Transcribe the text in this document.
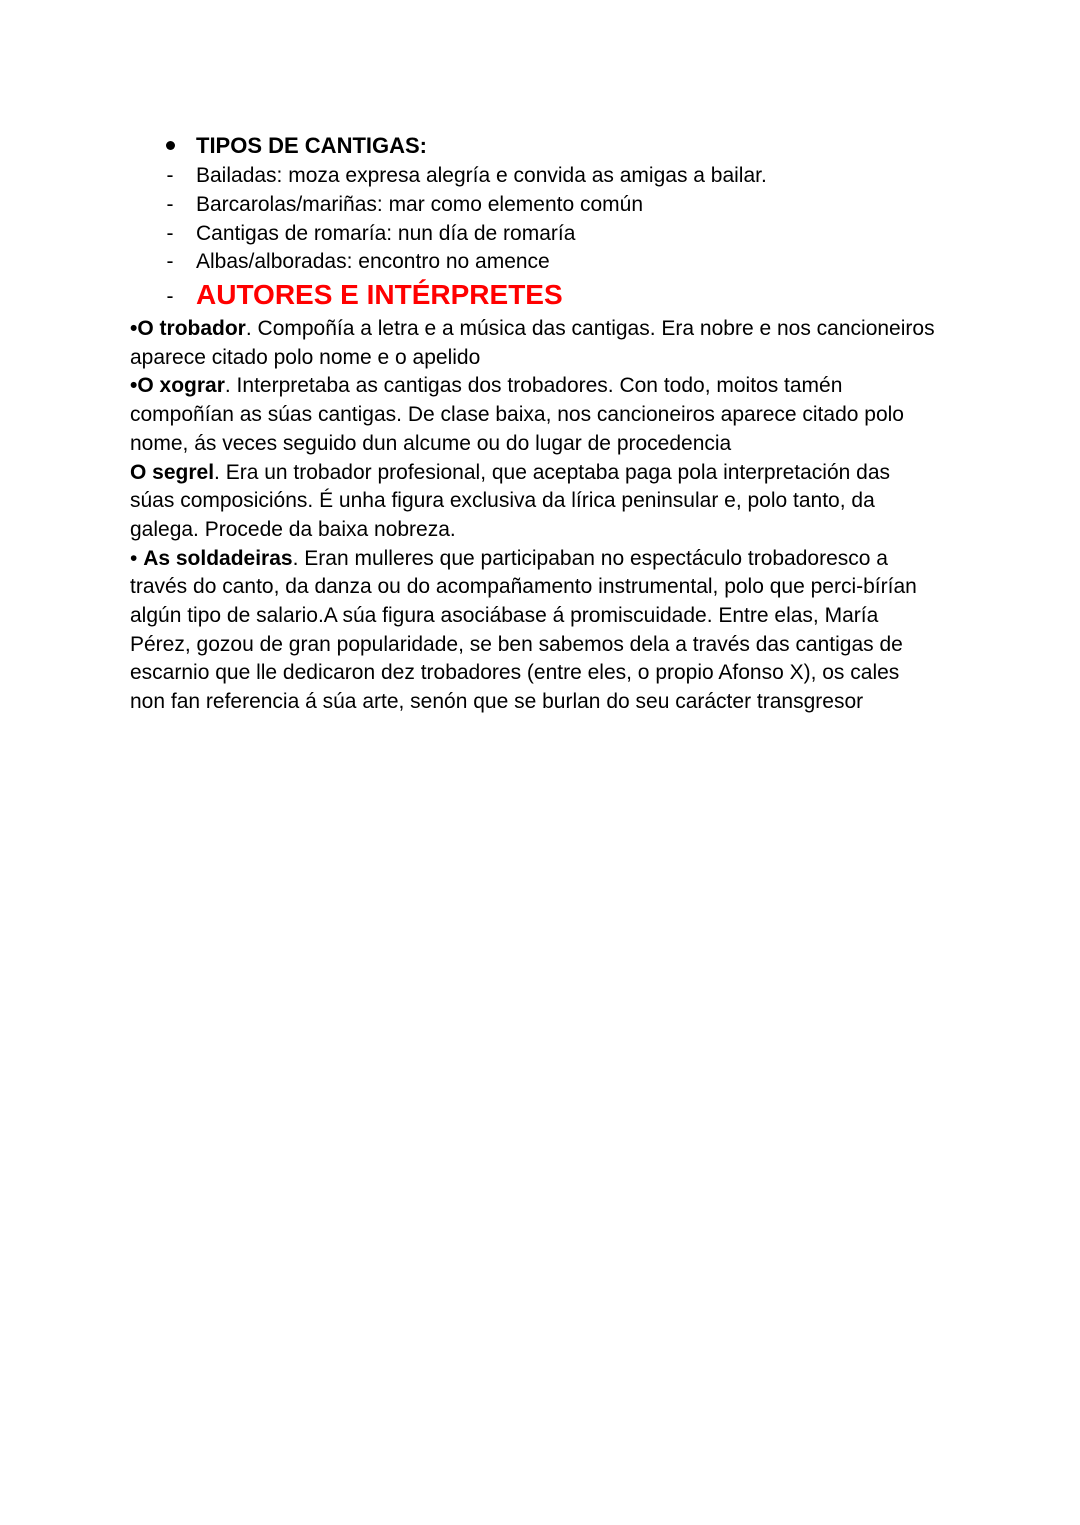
TIPOS DE CANTIGAS:
-	Bailadas: moza expresa alegría e convida as amigas a bailar.
-	Barcarolas/mariñas: mar como elemento común
-	Cantigas de romaría: nun día de romaría
-	Albas/alboradas: encontro no amence
- AUTORES E INTÉRPRETES

•O trobador. Compoñía a letra e a música das cantigas. Era nobre e nos cancioneiros aparece citado polo nome e o apelido

•O xograr. Interpretaba as cantigas dos trobadores. Con todo, moitos tamén compoñían as súas cantigas. De clase baixa, nos cancioneiros aparece citado polo nome, ás veces seguido dun alcume ou do lugar de procedencia

O segrel. Era un trobador profesional, que aceptaba paga pola interpretación das súas composicións. É unha figura exclusiva da lírica peninsular e, polo tanto, da galega. Procede da baixa nobreza.

• As soldadeiras. Eran mulleres que participaban no espectáculo trobadoresco a través do canto, da danza ou do acompañamento instrumental, polo que perci-bírían algún tipo de salario.A súa figura asociábase á promiscuidade. Entre elas, María Pérez, gozou de gran popularidade, se ben sabemos dela a través das cantigas de escarnio que lle dedicaron dez trobadores (entre eles, o propio Afonso X), os cales non fan referencia á súa arte, senón que se burlan do seu carácter transgresor
